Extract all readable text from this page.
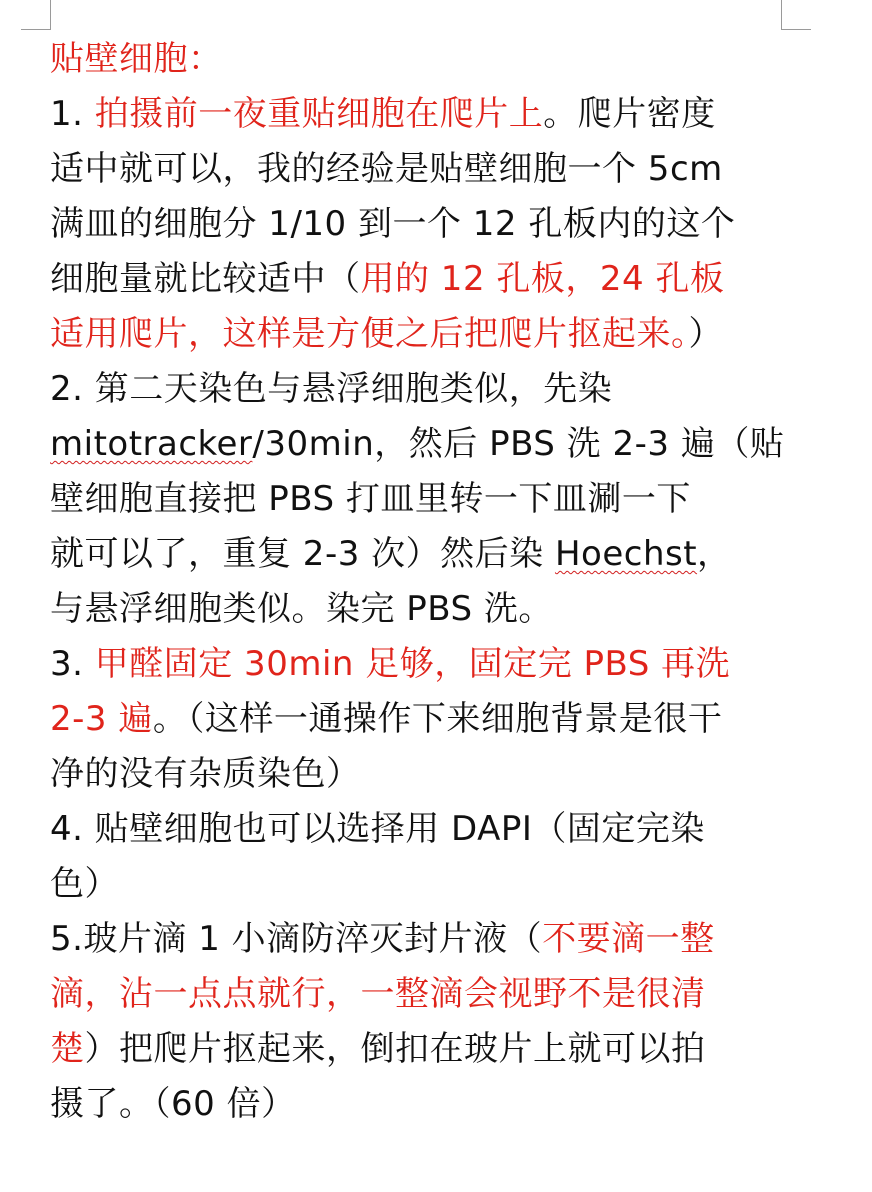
贴壁细胞：
1. 拍摄前一夜重贴细胞在爬片上。爬片密度
适中就可以，我的经验是贴壁细胞一个 5cm
满皿的细胞分 1/10 到一个 12 孔板内的这个
细胞量就比较适中（用的 12 孔板，24 孔板
适用爬片，这样是方便之后把爬片抠起来。）
2. 第二天染色与悬浮细胞类似，先染
mitotracker/30min，然后 PBS 洗 2-3 遍（贴
壁细胞直接把 PBS 打皿里转一下皿涮一下
就可以了，重复 2-3 次）然后染 Hoechst，
与悬浮细胞类似。染完 PBS 洗。
3. 甲醛固定 30min 足够，固定完 PBS 再洗
2-3 遍。（这样一通操作下来细胞背景是很干
净的没有杂质染色）
4. 贴壁细胞也可以选择用 DAPI（固定完染
色）
5.玻片滴 1 小滴防淬灭封片液（不要滴一整
滴，沾一点点就行，一整滴会视野不是很清
楚）把爬片抠起来，倒扣在玻片上就可以拍
摄了。（60 倍）
